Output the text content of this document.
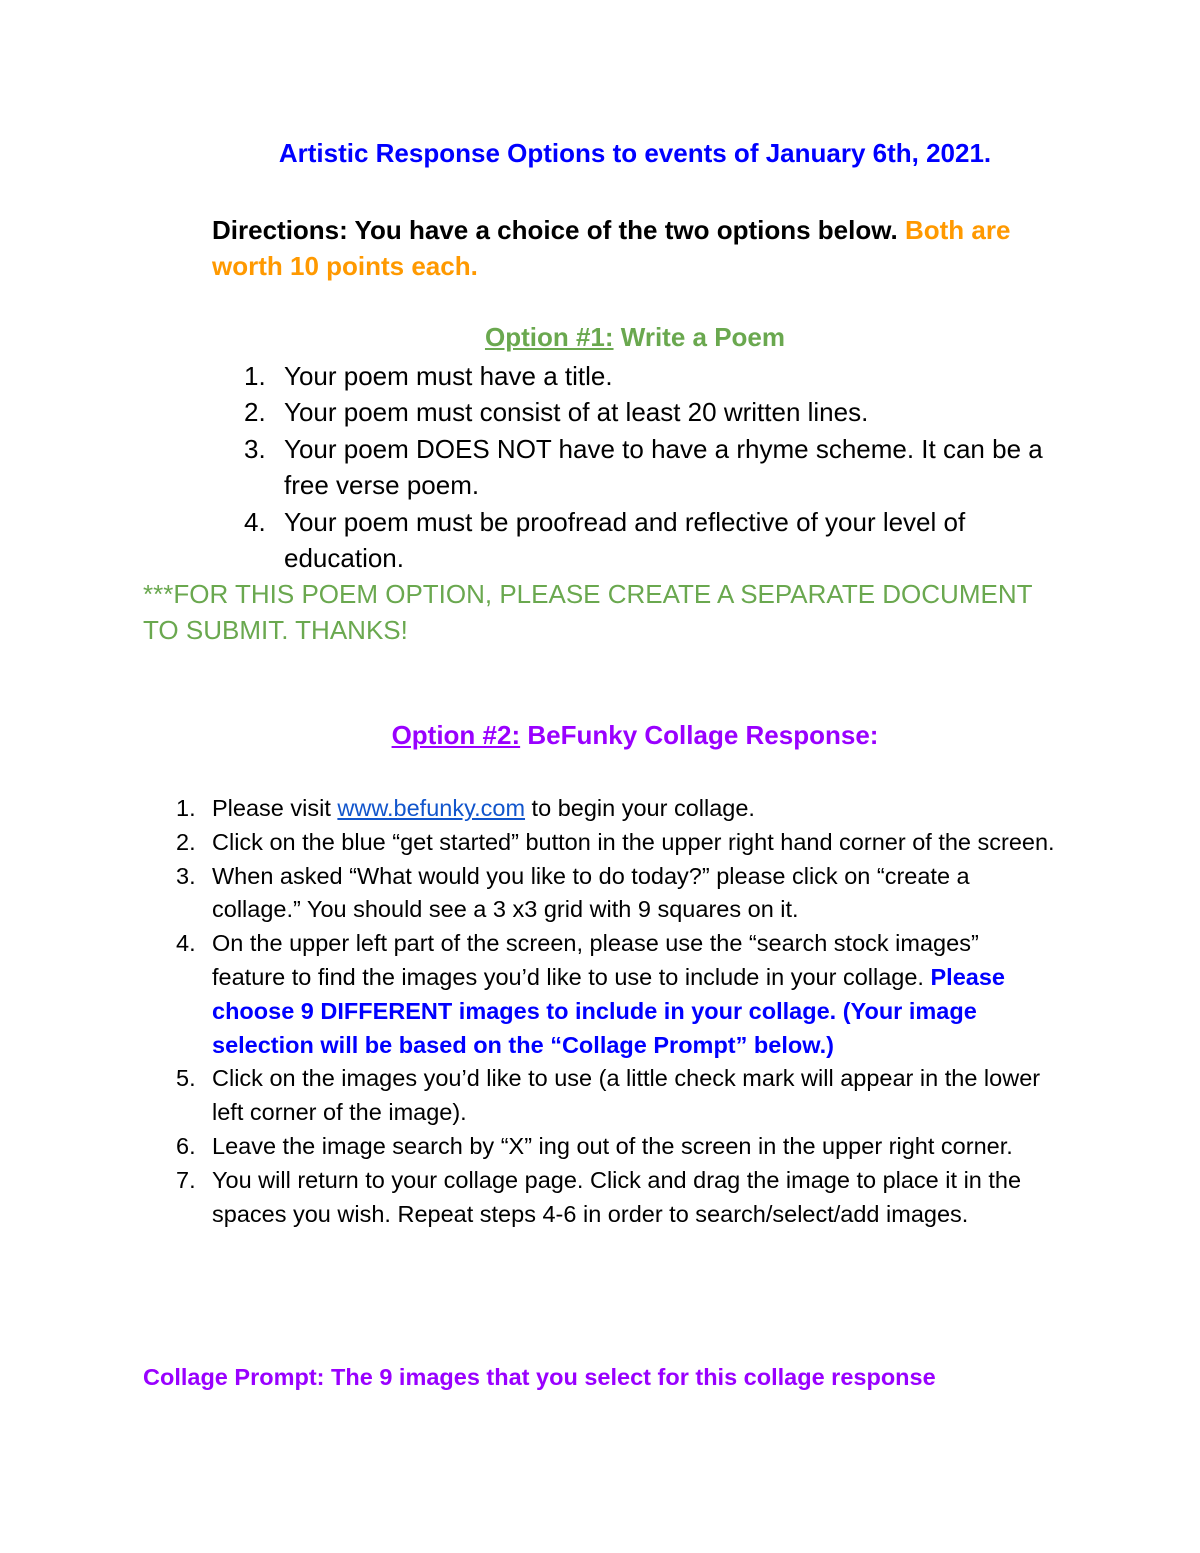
Artistic Response Options to events of January 6th, 2021.
Directions: You have a choice of the two options below. Both are worth 10 points each.
Option #1: Write a Poem
1. Your poem must have a title.
2. Your poem must consist of at least 20 written lines.
3. Your poem DOES NOT have to have a rhyme scheme. It can be a free verse poem.
4. Your poem must be proofread and reflective of your level of education.
***FOR THIS POEM OPTION, PLEASE CREATE A SEPARATE DOCUMENT TO SUBMIT. THANKS!
Option #2: BeFunky Collage Response:
1. Please visit www.befunky.com to begin your collage.
2. Click on the blue “get started” button in the upper right hand corner of the screen.
3. When asked “What would you like to do today?” please click on “create a collage.” You should see a 3 x3 grid with 9 squares on it.
4. On the upper left part of the screen, please use the “search stock images” feature to find the images you’d like to use to include in your collage. Please choose 9 DIFFERENT images to include in your collage. (Your image selection will be based on the “Collage Prompt” below.)
5. Click on the images you’d like to use (a little check mark will appear in the lower left corner of the image).
6. Leave the image search by “X” ing out of the screen in the upper right corner.
7. You will return to your collage page. Click and drag the image to place it in the spaces you wish. Repeat steps 4-6 in order to search/select/add images.
Collage Prompt: The 9 images that you select for this collage response
